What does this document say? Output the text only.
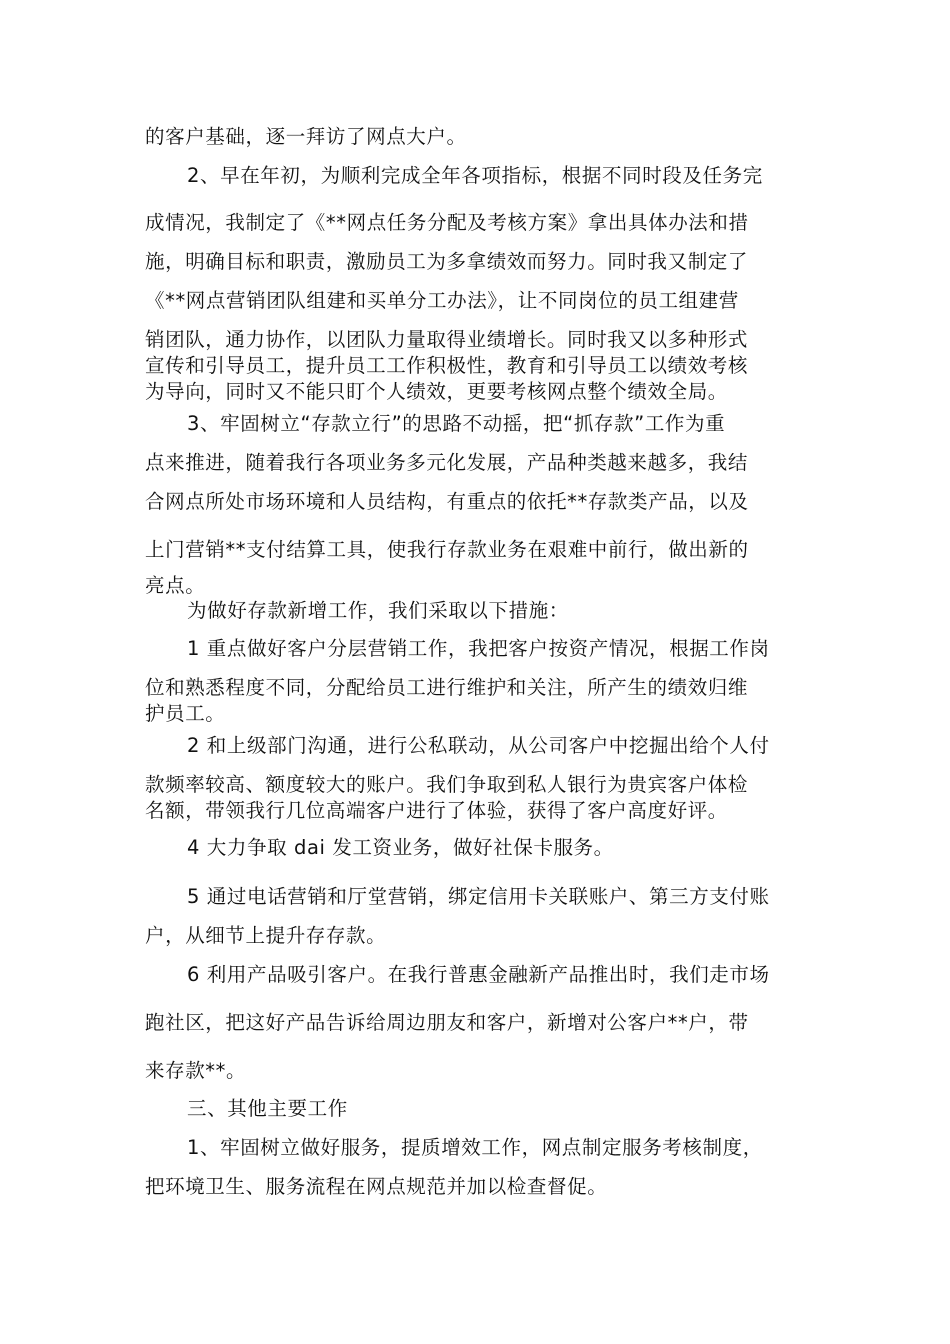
的客户基础，逐一拜访了网点大户。
2、早在年初，为顺利完成全年各项指标，根据不同时段及任务完
成情况，我制定了《**网点任务分配及考核方案》拿出具体办法和措
施，明确目标和职责，激励员工为多拿绩效而努力。同时我又制定了
《**网点营销团队组建和买单分工办法》，让不同岗位的员工组建营
销团队，通力协作，以团队力量取得业绩增长。同时我又以多种形式
宣传和引导员工，提升员工工作积极性，教育和引导员工以绩效考核
为导向，同时又不能只盯个人绩效，更要考核网点整个绩效全局。
3、牢固树立“存款立行”的思路不动摇，把“抓存款”工作为重
点来推进，随着我行各项业务多元化发展，产品种类越来越多，我结
合网点所处市场环境和人员结构，有重点的依托**存款类产品，以及
上门营销**支付结算工具，使我行存款业务在艰难中前行，做出新的
亮点。
为做好存款新增工作，我们采取以下措施：
1 重点做好客户分层营销工作，我把客户按资产情况，根据工作岗
位和熟悉程度不同，分配给员工进行维护和关注，所产生的绩效归维
护员工。
2 和上级部门沟通，进行公私联动，从公司客户中挖掘出给个人付
款频率较高、额度较大的账户。我们争取到私人银行为贵宾客户体检
名额，带领我行几位高端客户进行了体验，获得了客户高度好评。
4 大力争取 dai 发工资业务，做好社保卡服务。
5 通过电话营销和厅堂营销，绑定信用卡关联账户、第三方支付账
户，从细节上提升存存款。
6 利用产品吸引客户。在我行普惠金融新产品推出时，我们走市场
跑社区，把这好产品告诉给周边朋友和客户，新增对公客户**户，带
来存款**。
三、其他主要工作
1、牢固树立做好服务，提质增效工作，网点制定服务考核制度，
把环境卫生、服务流程在网点规范并加以检查督促。
